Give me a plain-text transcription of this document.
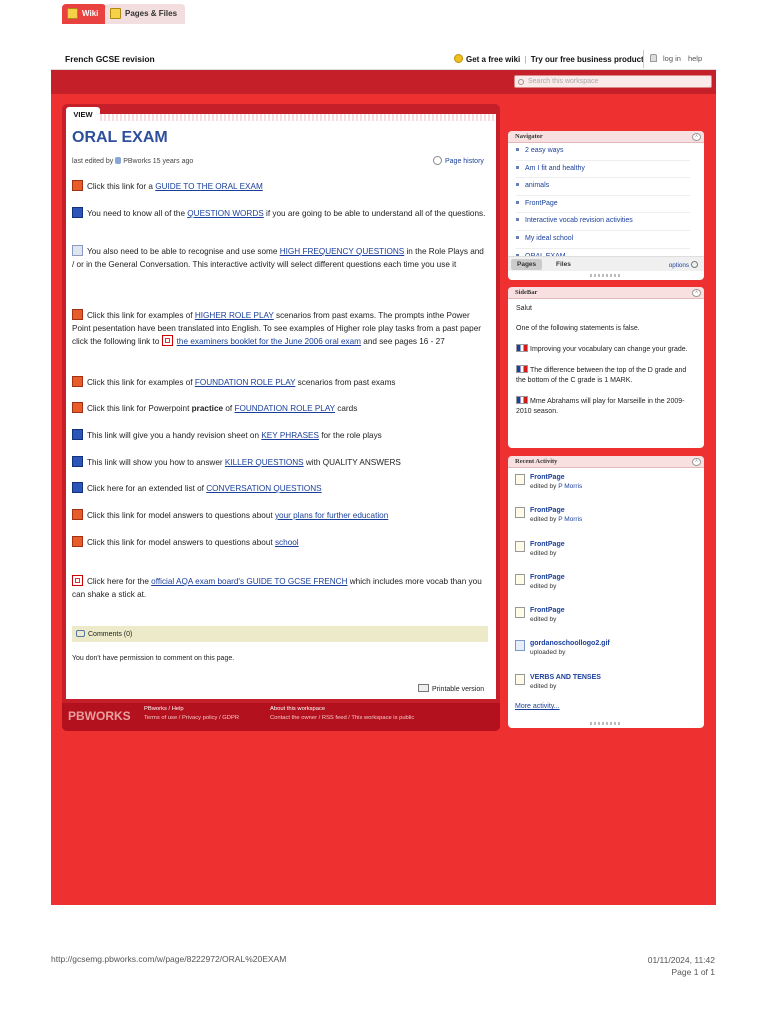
French GCSE revision	Get a free wiki | Try our free business product	log in help
Wiki	Pages & Files
Search this workspace
VIEW
ORAL EXAM
last edited by PBworks 15 years ago	Page history
Click this link for a GUIDE TO THE ORAL EXAM
You need to know all of the QUESTION WORDS if you are going to be able to understand all of the questions.
You also need to be able to recognise and use some HIGH FREQUENCY QUESTIONS in the Role Plays and / or in the General Conversation. This interactive activity will select different questions each time you use it
Click this link for examples of HIGHER ROLE PLAY scenarios from past exams. The prompts inthe Power Point pesentation have been translated into English. To see examples of Higher role play tasks from a past paper click the following link to the examiners booklet for the June 2006 oral exam and see pages 16 - 27
Click this link for examples of FOUNDATION ROLE PLAY scenarios from past exams
Click this link for Powerpoint practice of FOUNDATION ROLE PLAY cards
This link will give you a handy revision sheet on KEY PHRASES for the role plays
This link will show you how to answer KILLER QUESTIONS with QUALITY ANSWERS
Click here for an extended list of CONVERSATION QUESTIONS
Click this link for model answers to questions about your plans for further education
Click this link for model answers to questions about school
Click here for the official AQA exam board's GUIDE TO GCSE FRENCH which includes more vocab than you can shake a stick at.
Comments (0)
You don't have permission to comment on this page.
Printable version
PBWORKS PBworks / Help
Terms of use / Privacy policy / GDPR
About this workspace
Contact the owner / RSS feed / This workspace is public
Navigator	^
2 easy ways
Am I fit and healthy
animals
FrontPage
Interactive vocab revision activities
My ideal school
Pages	Files	options
SideBar	^
Salut
One of the following statements is false.
Improving your vocabulary can change your grade.
The difference between the top of the D grade and the bottom of the C grade is 1 MARK.
Mme Abrahams will play for Marseille in the 2009-2010 season.
Recent Activity	^
FrontPage
edited by P Morris
FrontPage
edited by P Morris
FrontPage
edited by
FrontPage
edited by
FrontPage
edited by
gordanoschoollogo2.gif
uploaded by
VERBS AND TENSES
edited by
More activity...
http://gcsemg.pbworks.com/w/page/8222972/ORAL%20EXAM	01/11/2024, 11:42
Page 1 of 1
